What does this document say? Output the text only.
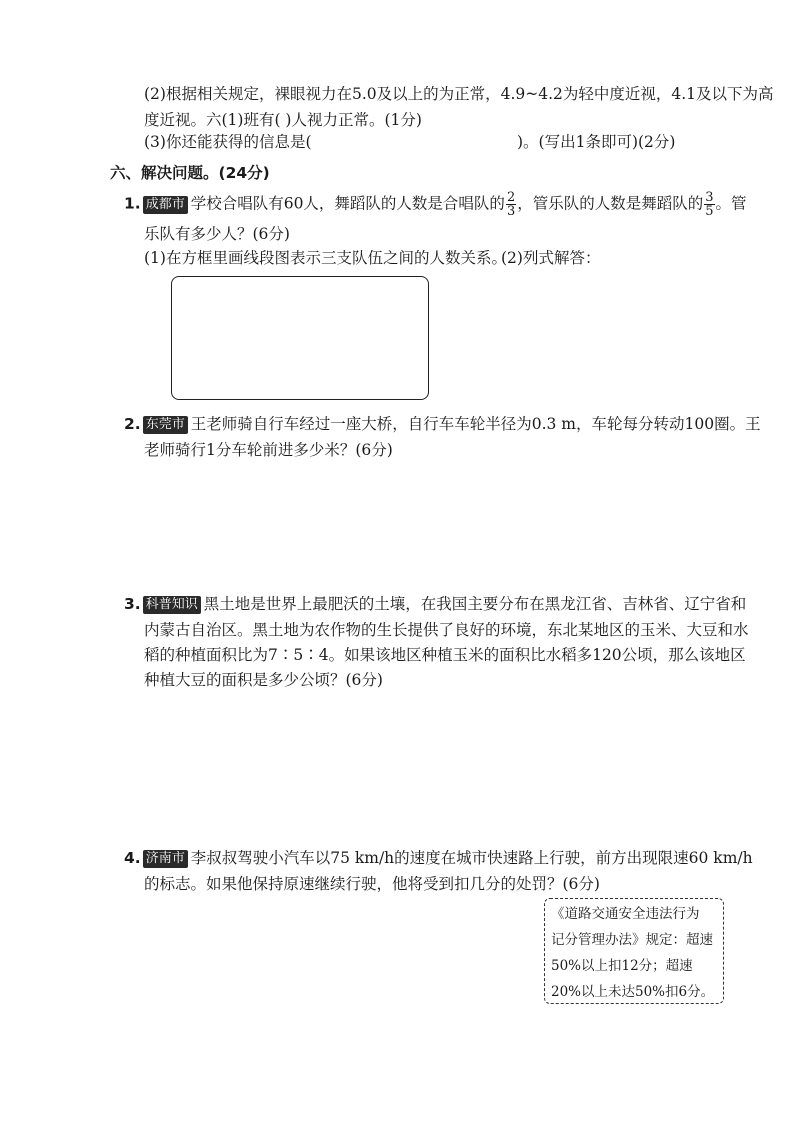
(2)根据相关规定，裸眼视力在5.0及以上的为正常，4.9~4.2为轻中度近视，4.1及以下为高
度近视。六(1)班有( )人视力正常。(1分)
(3)你还能获得的信息是(	)。(写出1条即可)(2分)
六、解决问题。(24分)
1. 成都市 学校合唱队有60人，舞蹈队的人数是合唱队的 $\frac{2}{3}$ ，管乐队的人数是舞蹈队的 $\frac{3}{5}$ 。管
乐队有多少人？(6分)
(1)在方框里画线段图表示三支队伍之间的人数关系。
(2)列式解答：
2. 东莞市 王老师骑自行车经过一座大桥，自行车车轮半径为0.3 m，车轮每分转动100圈。王
老师骑行1分车轮前进多少米？(6分)
3. 科普知识 黑土地是世界上最肥沃的土壤，在我国主要分布在黑龙江省、吉林省、辽宁省和
内蒙古自治区。黑土地为农作物的生长提供了良好的环境，东北某地区的玉米、大豆和水
稻的种植面积比为7∶5∶4。如果该地区种植玉米的面积比水稻多120公顷，那么该地区
种植大豆的面积是多少公顷？(6分)
4. 济南市 李叔叔驾驶小汽车以75 km/h的速度在城市快速路上行驶，前方出现限速60 km/h
的标志。如果他保持原速继续行驶，他将受到扣几分的处罚？(6分)
《道路交通安全违法行为
记分管理办法》规定：超速
50%以上扣12分；超速
20%以上未达50%扣6分。
